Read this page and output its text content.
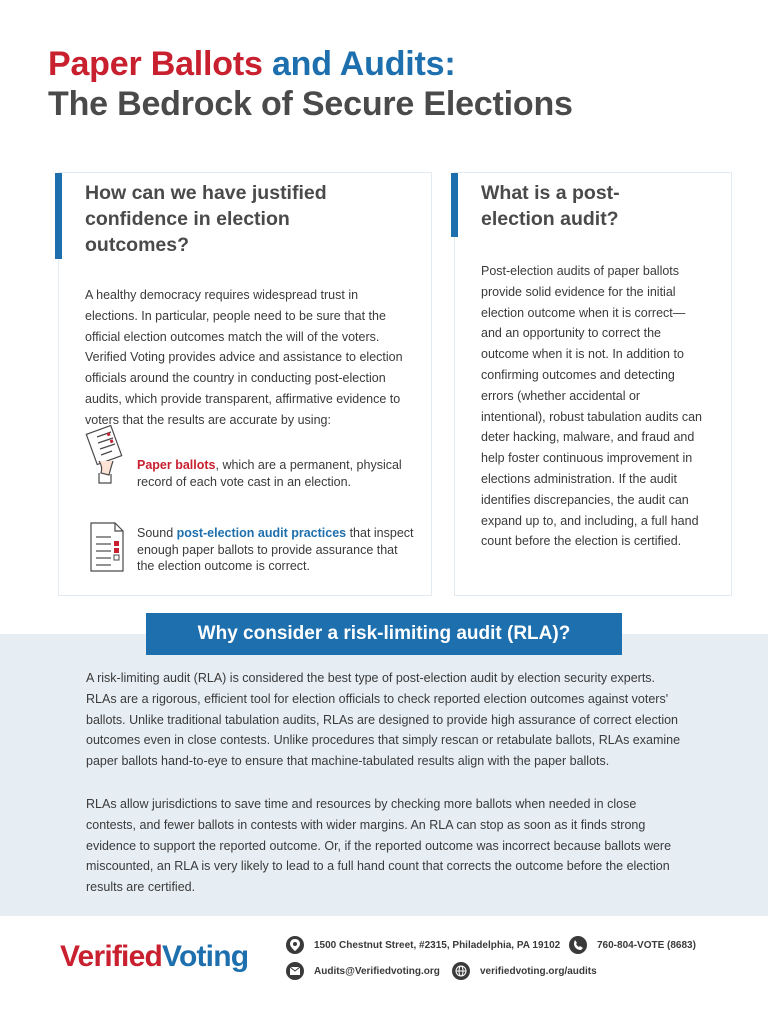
Paper Ballots and Audits:
The Bedrock of Secure Elections
How can we have justified confidence in election outcomes?
A healthy democracy requires widespread trust in elections. In particular, people need to be sure that the official election outcomes match the will of the voters. Verified Voting provides advice and assistance to election officials around the country in conducting post-election audits, which provide transparent, affirmative evidence to voters that the results are accurate by using:
Paper ballots, which are a permanent, physical record of each vote cast in an election.
Sound post-election audit practices that inspect enough paper ballots to provide assurance that the election outcome is correct.
What is a post-election audit?
Post-election audits of paper ballots provide solid evidence for the initial election outcome when it is correct—and an opportunity to correct the outcome when it is not. In addition to confirming outcomes and detecting errors (whether accidental or intentional), robust tabulation audits can deter hacking, malware, and fraud and help foster continuous improvement in elections administration. If the audit identifies discrepancies, the audit can expand up to, and including, a full hand count before the election is certified.
Why consider a risk-limiting audit (RLA)?
A risk-limiting audit (RLA) is considered the best type of post-election audit by election security experts. RLAs are a rigorous, efficient tool for election officials to check reported election outcomes against voters' ballots. Unlike traditional tabulation audits, RLAs are designed to provide high assurance of correct election outcomes even in close contests. Unlike procedures that simply rescan or retabulate ballots, RLAs examine paper ballots hand-to-eye to ensure that machine-tabulated results align with the paper ballots.
RLAs allow jurisdictions to save time and resources by checking more ballots when needed in close contests, and fewer ballots in contests with wider margins. An RLA can stop as soon as it finds strong evidence to support the reported outcome. Or, if the reported outcome was incorrect because ballots were miscounted, an RLA is very likely to lead to a full hand count that corrects the outcome before the election results are certified.
VerifiedVoting	1500 Chestnut Street, #2315, Philadelphia, PA 19102	760-804-VOTE (8683)
Audits@Verifiedvoting.org	verifiedvoting.org/audits
